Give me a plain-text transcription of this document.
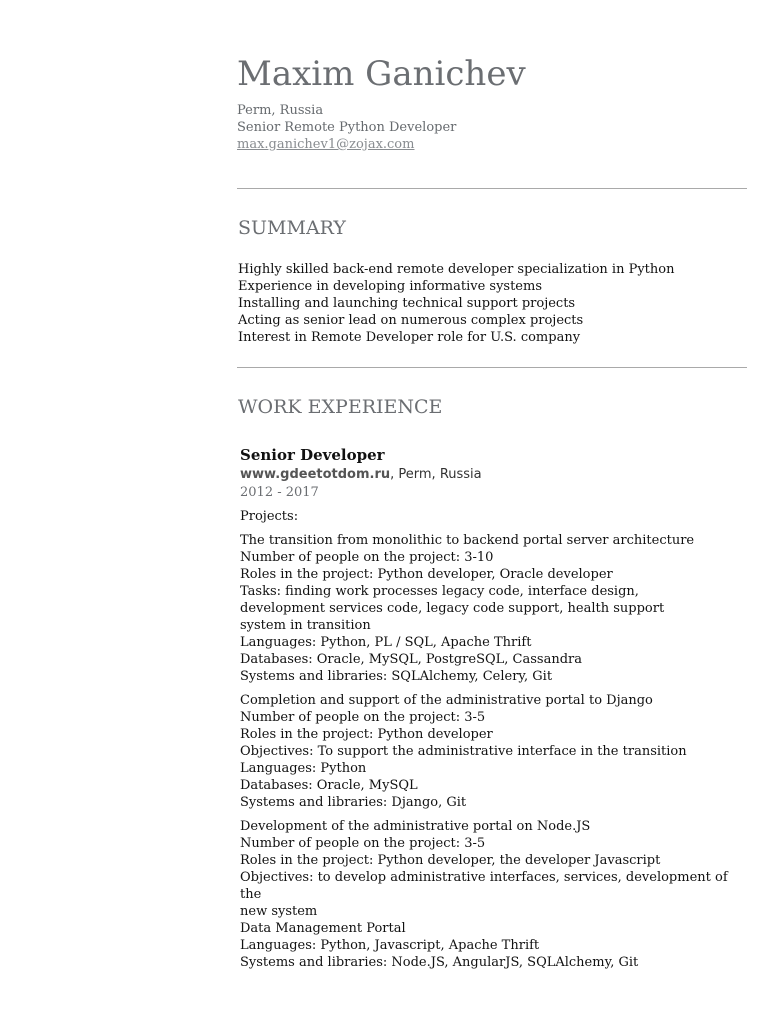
Maxim Ganichev
Perm, Russia
Senior Remote Python Developer
max.ganichev1@zojax.com
SUMMARY
Highly skilled back-end remote developer specialization in Python
Experience in developing informative systems
Installing and launching technical support projects
Acting as senior lead on numerous complex projects
Interest in Remote Developer role for U.S. company
WORK EXPERIENCE
Senior Developer
www.gdeetotdom.ru, Perm, Russia
2012 - 2017
Projects:
The transition from monolithic to backend portal server architecture
Number of people on the project: 3-10
Roles in the project: Python developer, Oracle developer
Tasks: finding work processes legacy code, interface design,
development services code, legacy code support, health support
system in transition
Languages: Python, PL / SQL, Apache Thrift
Databases: Oracle, MySQL, PostgreSQL, Cassandra
Systems and libraries: SQLAlchemy, Celery, Git
Completion and support of the administrative portal to Django
Number of people on the project: 3-5
Roles in the project: Python developer
Objectives: To support the administrative interface in the transition
Languages: Python
Databases: Oracle, MySQL
Systems and libraries: Django, Git
Development of the administrative portal on Node.JS
Number of people on the project: 3-5
Roles in the project: Python developer, the developer Javascript
Objectives: to develop administrative interfaces, services, development of the
new system
Data Management Portal
Languages: Python, Javascript, Apache Thrift
Systems and libraries: Node.JS, AngularJS, SQLAlchemy, Git
